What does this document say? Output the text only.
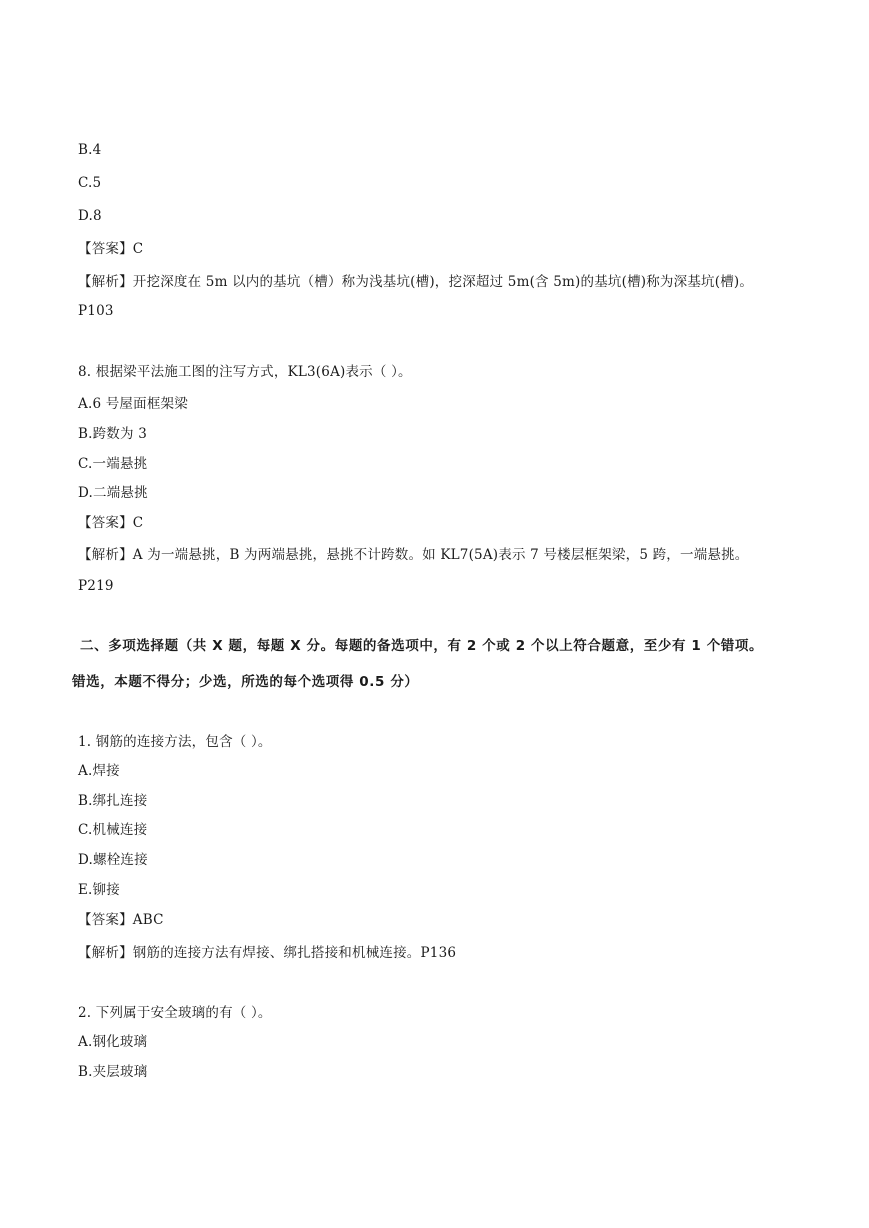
B.4
C.5
D.8
【答案】C
【解析】开挖深度在 5m 以内的基坑（槽）称为浅基坑(槽)，挖深超过 5m(含 5m)的基坑(槽)称为深基坑(槽)。
P103
8. 根据梁平法施工图的注写方式，KL3(6A)表示（ ）。
A.6 号屋面框架梁
B.跨数为 3
C.一端悬挑
D.二端悬挑
【答案】C
【解析】A 为一端悬挑，B 为两端悬挑，悬挑不计跨数。如 KL7(5A)表示 7 号楼层框架梁，5 跨，一端悬挑。
P219
二、多项选择题（共 X 题，每题 X 分。每题的备选项中，有 2 个或 2 个以上符合题意，至少有 1 个错项。
错选，本题不得分；少选，所选的每个选项得 0.5 分）
1. 钢筋的连接方法，包含（ ）。
A.焊接
B.绑扎连接
C.机械连接
D.螺栓连接
E.铆接
【答案】ABC
【解析】钢筋的连接方法有焊接、绑扎搭接和机械连接。P136
2. 下列属于安全玻璃的有（ ）。
A.钢化玻璃
B.夹层玻璃
